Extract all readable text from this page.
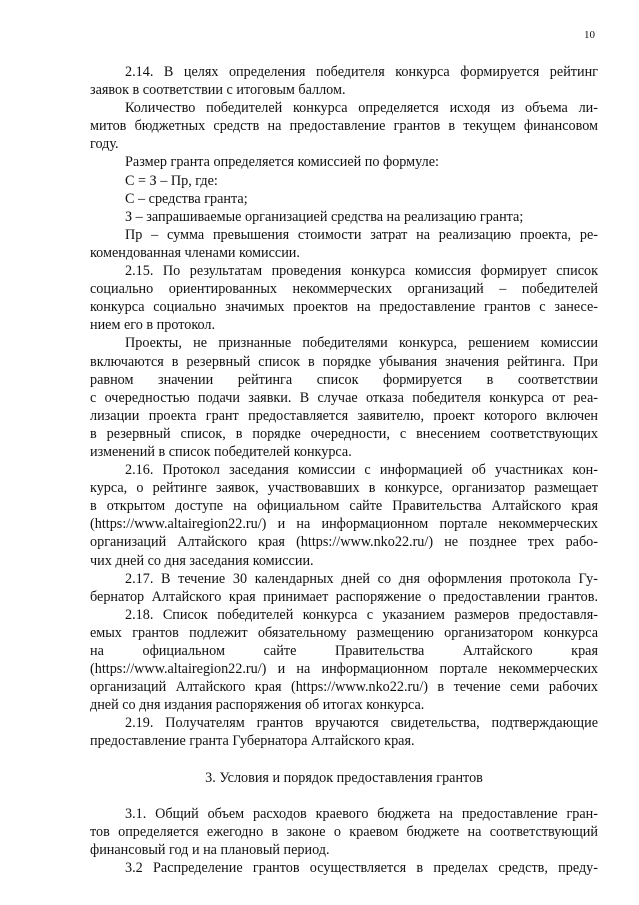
10
2.14. В целях определения победителя конкурса формируется рейтинг
заявок в соответствии с итоговым баллом.
Количество победителей конкурса определяется исходя из объема ли-
митов бюджетных средств на предоставление грантов в текущем финансовом
году.
Размер гранта определяется комиссией по формуле:
С = З – Пр, где:
С – средства гранта;
З – запрашиваемые организацией средства на реализацию гранта;
Пр – сумма превышения стоимости затрат на реализацию проекта, ре-
комендованная членами комиссии.
2.15. По результатам проведения конкурса комиссия формирует список
социально ориентированных некоммерческих организаций – победителей
конкурса социально значимых проектов на предоставление грантов с занесе-
нием его в протокол.
Проекты, не признанные победителями конкурса, решением комиссии
включаются в резервный список в порядке убывания значения рейтинга. При
равном значении рейтинга список формируется в соответствии
с очередностью подачи заявки. В случае отказа победителя конкурса от реа-
лизации проекта грант предоставляется заявителю, проект которого включен
в резервный список, в порядке очередности, с внесением соответствующих
изменений в список победителей конкурса.
2.16. Протокол заседания комиссии с информацией об участниках кон-
курса, о рейтинге заявок, участвовавших в конкурсе, организатор размещает
в открытом доступе на официальном сайте Правительства Алтайского края
(https://www.altairegion22.ru/) и на информационном портале некоммерческих
организаций Алтайского края (https://www.nko22.ru/) не позднее трех рабо-
чих дней со дня заседания комиссии.
2.17. В течение 30 календарных дней со дня оформления протокола Гу-
бернатор Алтайского края принимает распоряжение о предоставлении грантов.
2.18. Список победителей конкурса с указанием размеров предоставля-
емых грантов подлежит обязательному размещению организатором конкурса
на официальном сайте Правительства Алтайского края
(https://www.altairegion22.ru/) и на информационном портале некоммерческих
организаций Алтайского края (https://www.nko22.ru/) в течение семи рабочих
дней со дня издания распоряжения об итогах конкурса.
2.19. Получателям грантов вручаются свидетельства, подтверждающие
предоставление гранта Губернатора Алтайского края.
3. Условия и порядок предоставления грантов
3.1. Общий объем расходов краевого бюджета на предоставление гран-
тов определяется ежегодно в законе о краевом бюджете на соответствующий
финансовый год и на плановый период.
3.2 Распределение грантов осуществляется в пределах средств, преду-
